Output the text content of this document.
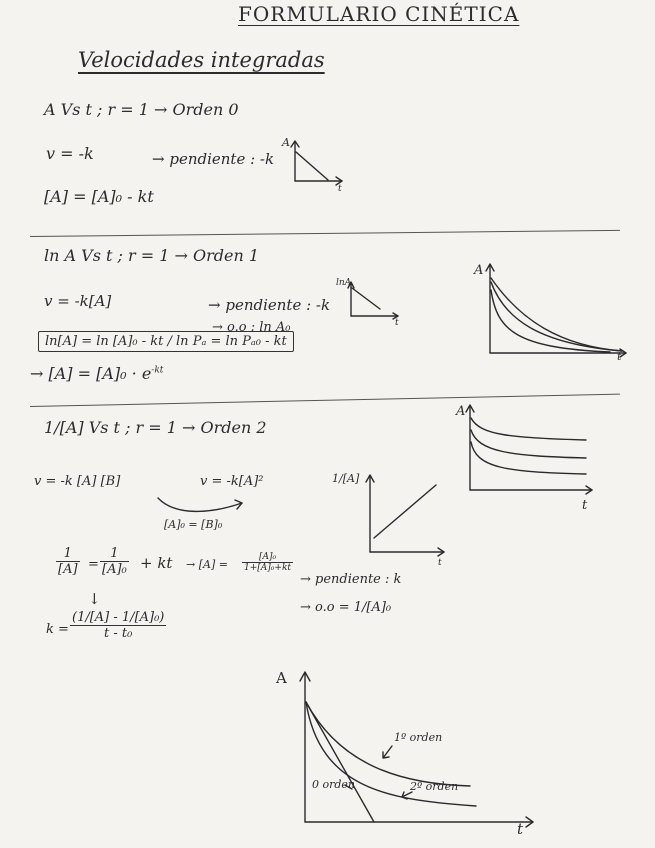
FORMULARIO CINÉTICA
Velocidades integradas
A Vs t ; r = 1 → Orden 0
v = -k	→ pendiente : -k
[A] = [A]₀ - kt
A
t
ln A Vs t ; r = 1 → Orden 1
v = -k[A]	→ pendiente : -k
→ o.o : ln A₀
ln[A] = ln [A]₀ - kt / ln Pₐ = ln Pₐ₀ - kt
→ $[A] = [A]_0 \cdot e^{-kt}$
lnA
t
A
t
1/[A] Vs t ; r = 1 → Orden 2
v = -k [A] [B]	v = -k[A]²
[A]₀ = [B]₀
1/[A]
t
A
t
$\frac{1}{[A]} = \frac{1}{\text{[A]₀}}$ + kt → $[A] = \frac{\text{[A]₀}}{\text{1+[A]₀+kt}}$
→ pendiente : k
→ o.o = 1/[A]₀
↓
$k = \frac{\text{(1/[A] - 1/[A]₀)}}{\text{t - t₀}}$
A
t
1º orden
0 orden	2º orden
